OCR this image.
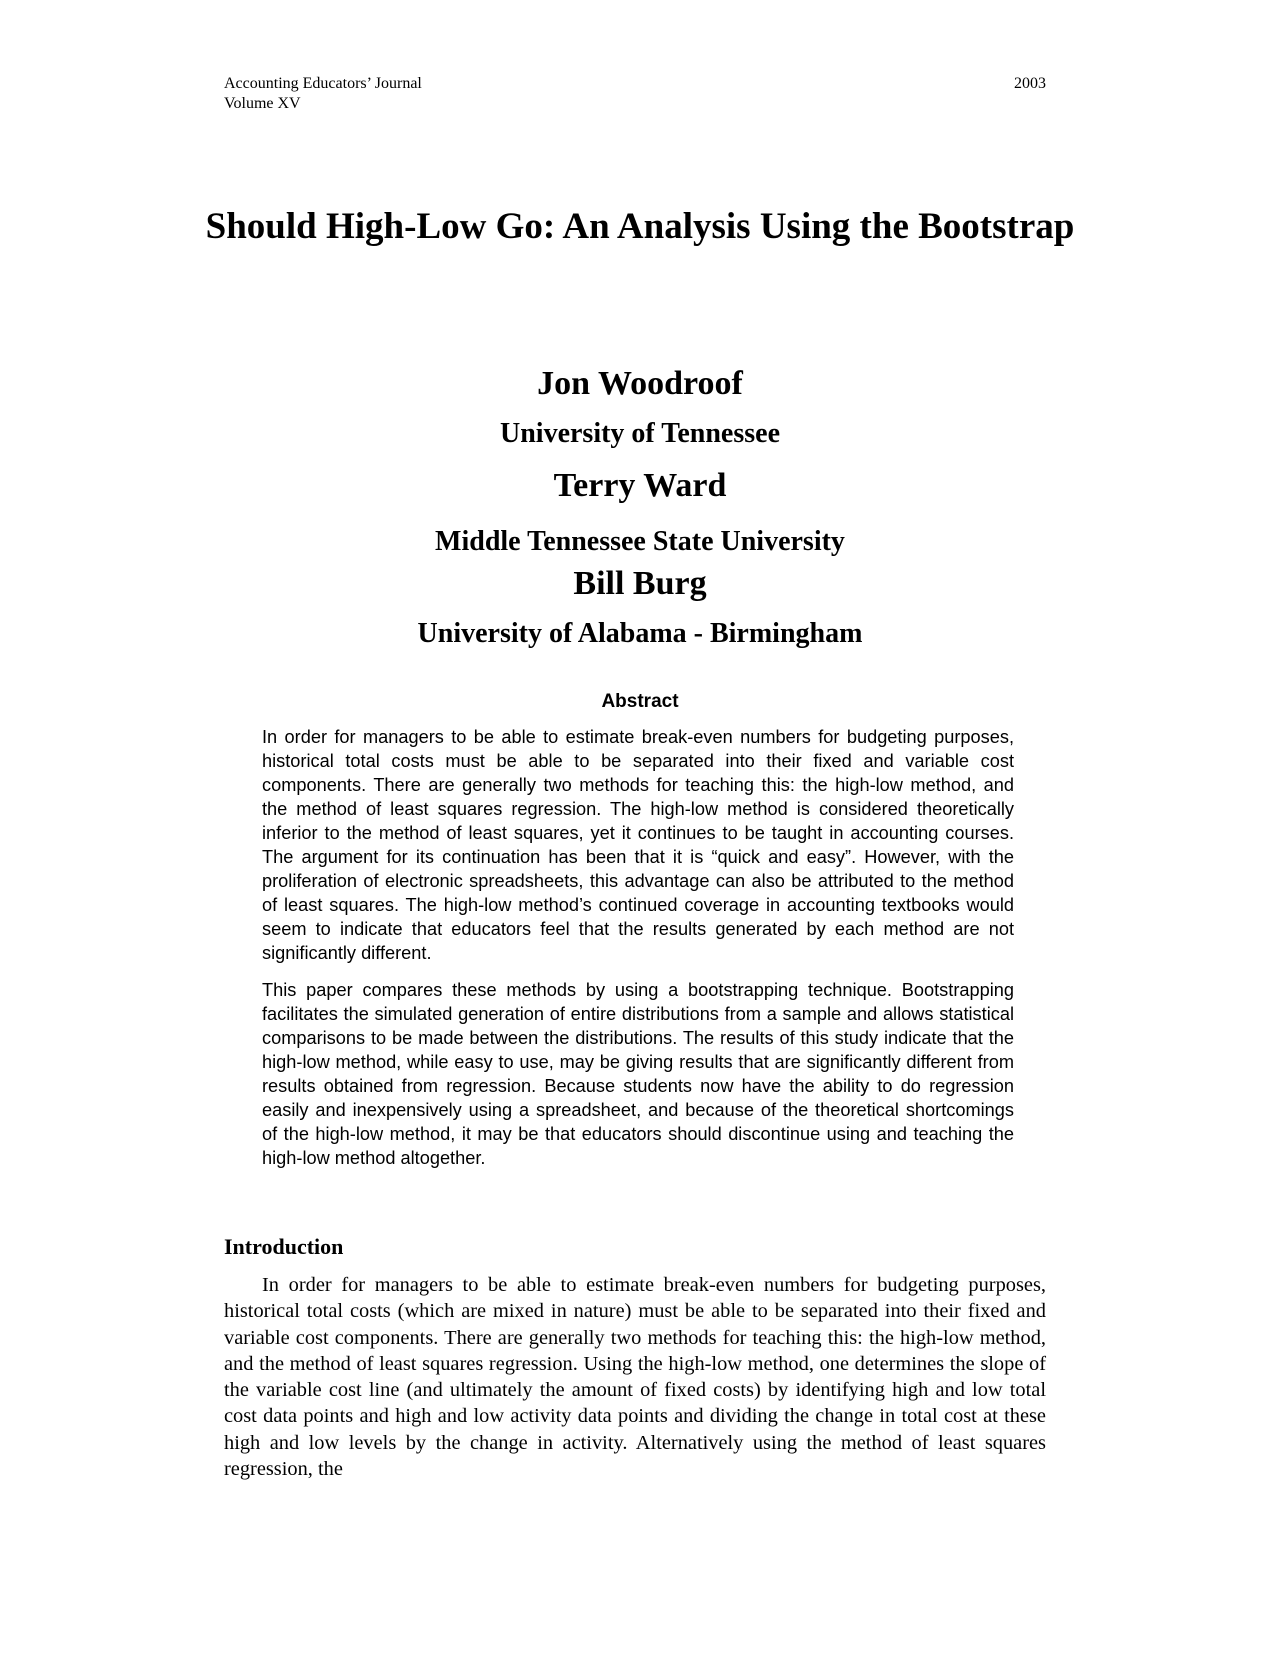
Accounting Educators’ Journal
Volume XV
2003
Should High-Low Go: An Analysis Using the Bootstrap
Jon Woodroof
University of Tennessee
Terry Ward
Middle Tennessee State University
Bill Burg
University of Alabama - Birmingham
Abstract

In order for managers to be able to estimate break-even numbers for budgeting purposes, historical total costs must be able to be separated into their fixed and variable cost components. There are generally two methods for teaching this: the high-low method, and the method of least squares regression. The high-low method is considered theoretically inferior to the method of least squares, yet it continues to be taught in accounting courses. The argument for its continuation has been that it is “quick and easy”. However, with the proliferation of electronic spreadsheets, this advantage can also be attributed to the method of least squares. The high-low method’s continued coverage in accounting textbooks would seem to indicate that educators feel that the results generated by each method are not significantly different.

This paper compares these methods by using a bootstrapping technique. Bootstrapping facilitates the simulated generation of entire distributions from a sample and allows statistical comparisons to be made between the distributions. The results of this study indicate that the high-low method, while easy to use, may be giving results that are significantly different from results obtained from regression. Because students now have the ability to do regression easily and inexpensively using a spreadsheet, and because of the theoretical shortcomings of the high-low method, it may be that educators should discontinue using and teaching the high-low method altogether.

Introduction

In order for managers to be able to estimate break-even numbers for budgeting purposes, historical total costs (which are mixed in nature) must be able to be separated into their fixed and variable cost components. There are generally two methods for teaching this: the high-low method, and the method of least squares regression. Using the high-low method, one determines the slope of the variable cost line (and ultimately the amount of fixed costs) by identifying high and low total cost data points and high and low activity data points and dividing the change in total cost at these high and low levels by the change in activity. Alternatively using the method of least squares regression, the
